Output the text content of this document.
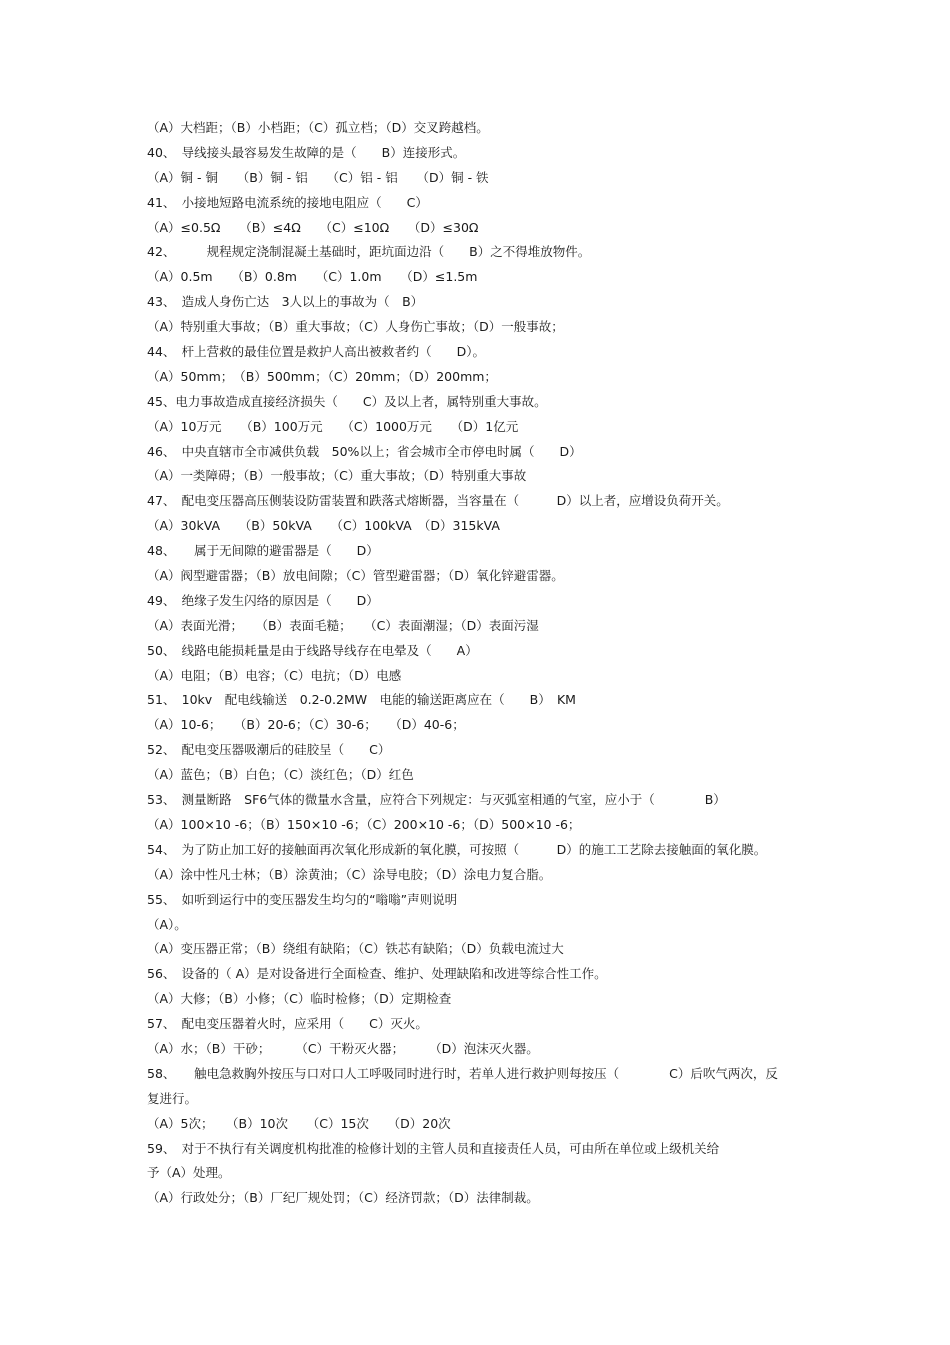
（A）大档距；（B）小档距；（C）孤立档；（D）交叉跨越档。
40、　导线接头最容易发生故障的是（　　B）连接形式。
（A）铜 - 铜　　（B）铜 - 铝　　（C）铝 - 铝　　（D）铜 - 铁
41、　小接地短路电流系统的接地电阻应（　　C）
（A）≤0.5Ω　　（B）≤4Ω　　（C）≤10Ω　　（D）≤30Ω
42、　　　规程规定浇制混凝土基础时，距坑面边沿（　　B）之不得堆放物件。
（A）0.5m　　（B）0.8m　　（C）1.0m　　（D）≤1.5m
43、　造成人身伤亡达　3人以上的事故为（　B）
（A）特别重大事故；（B）重大事故；（C）人身伤亡事故；（D）一般事故；
44、　杆上营救的最佳位置是救护人高出被救者约（　　D）。
（A）50mm；　（B）500mm；（C）20mm；（D）200mm；
45、电力事故造成直接经济损失（　　C）及以上者，属特别重大事故。
（A）10万元　　（B）100万元　　（C）1000万元　　（D）1亿元
46、　中央直辖市全市减供负载　50%以上；省会城市全市停电时属（　　D）
（A）一类障碍；（B）一般事故；（C）重大事故；（D）特别重大事故
47、　配电变压器高压侧装设防雷装置和跌落式熔断器，当容量在（　　　D）以上者，应增设负荷开关。
（A）30kVA　　（B）50kVA　　（C）100kVA　（D）315kVA
48、　　属于无间隙的避雷器是（　　D）
（A）阀型避雷器；（B）放电间隙；（C）管型避雷器；（D）氧化锌避雷器。
49、　绝缘子发生闪络的原因是（　　D）
（A）表面光滑；　　（B）表面毛糙；　　（C）表面潮湿；（D）表面污湿
50、　线路电能损耗量是由于线路导线存在电晕及（　　A）
（A）电阻；（B）电容；（C）电抗；（D）电感
51、　10kv　配电线输送　0.2-0.2MW　电能的输送距离应在（　　B）　KM
（A）10-6；　　（B）20-6；（C）30-6；　　（D）40-6；
52、　配电变压器吸潮后的硅胶呈（　　C）
（A）蓝色；（B）白色；（C）淡红色；（D）红色
53、　测量断路　SF6气体的微量水含量，应符合下列规定：与灭弧室相通的气室，应小于（　　　　B）
（A）100×10 -6；（B）150×10 -6；（C）200×10 -6；（D）500×10 -6；
54、　为了防止加工好的接触面再次氧化形成新的氧化膜，可按照（　　　D）的施工工艺除去接触面的氧化膜。
（A）涂中性凡士林；（B）涂黄油；（C）涂导电胶；（D）涂电力复合脂。
55、　如听到运行中的变压器发生均匀的“嗡嗡”声则说明
（A）。
（A）变压器正常；（B）绕组有缺陷；（C）铁芯有缺陷；（D）负载电流过大
56、　设备的（ A）是对设备进行全面检查、维护、处理缺陷和改进等综合性工作。
（A）大修；（B）小修；（C）临时检修；（D）定期检查
57、　配电变压器着火时，应采用（　　C）灭火。
（A）水；（B）干砂；　　　（C）干粉灭火器；　　　（D）泡沫灭火器。
58、　　触电急救胸外按压与口对口人工呼吸同时进行时，若单人进行救护则每按压（　　　　C）后吹气两次，反
复进行。
（A）5次；　　（B）10次　　（C）15次　　（D）20次
59、　对于不执行有关调度机构批准的检修计划的主管人员和直接责任人员，可由所在单位或上级机关给
予（A）处理。
（A）行政处分；（B）厂纪厂规处罚；（C）经济罚款；（D）法律制裁。
